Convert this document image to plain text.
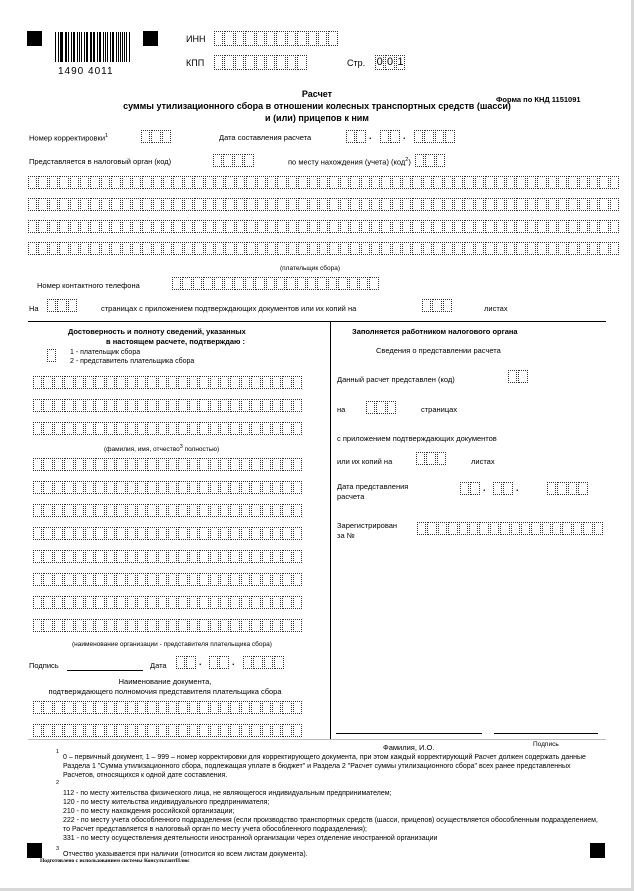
1490 4011
ИНН
КПП	Стр. 0 0 1
Форма по КНД 1151091
Расчет
суммы утилизационного сбора в отношении колесных транспортных средств (шасси)
и (или) прицепов к ним
Номер корректировки$^1$	Дата составления расчета	.	.
Представляется в налоговый орган (код)	по месту нахождения (учета) (код$^2$)
(плательщик сбора)
Номер контактного телефона
На	страницах с приложением подтверждающих документов или их копий на	листах
Достоверность и полноту сведений, указанных
в настоящем расчете, подтверждаю :
1 - плательщик сбора
2 - представитель плательщика сбора
(фамилия, имя, отчество$^3$ полностью)
(наименование организации - представителя плательщика сбора)
Подпись	Дата	.	.
Наименование документа,
подтверждающего полномочия представителя плательщика сбора
Заполняется работником налогового органа
Сведения о представлении расчета
Данный расчет представлен (код)
на	страницах
с приложением подтверждающих документов
или их копий на	листах
Дата представления
расчета
.	.
Зарегистрирован
за №
Фамилия, И.О.	Подпись
1
0 – первичный документ, 1 – 999 – номер корректировки для корректирующего документа, при этом каждый корректирующий Расчет должен содержать данные Раздела 1 "Сумма утилизационного сбора, подлежащая уплате в бюджет" и Раздела 2 "Расчет суммы утилизационного сбора" всех ранее представленных Расчетов, относящихся к одной дате составления.
2
112 - по месту жительства физического лица, не являющегося индивидуальным предпринимателем;
120 - по месту жительства индивидуального предпринимателя;
210 - по месту нахождения российской организации;
222 - по месту учета обособленного подразделения (если производство транспортных средств (шасси, прицепов) осуществляется обособленным подразделением, то Расчет представляется в налоговый орган по месту учета обособленного подразделения);
331 - по месту осуществления деятельности иностранной организации через отделение иностранной организации
3
Отчество указывается при наличии (относится ко всем листам документа).
Подготовлено с использованием системы КонсультантПлюс
